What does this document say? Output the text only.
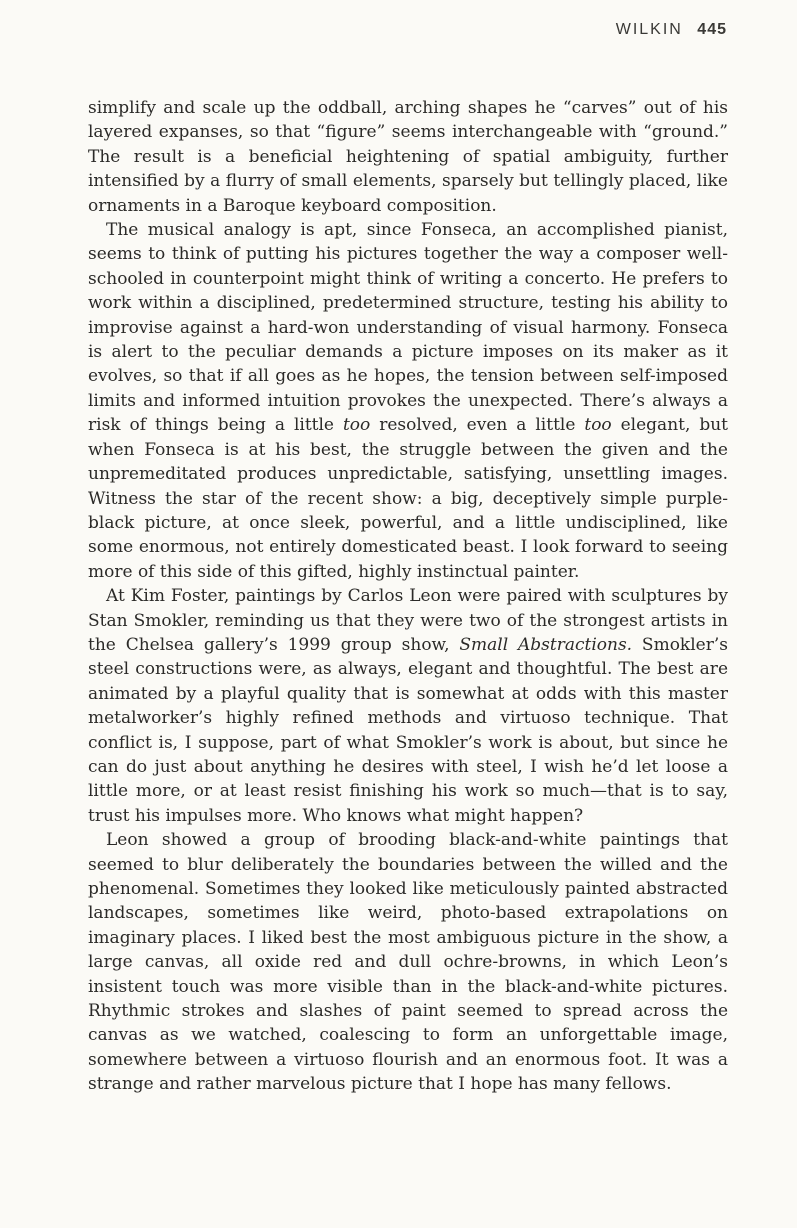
WILKIN 445

simplify and scale up the oddball, arching shapes he “carves” out of his layered expanses, so that “figure” seems interchangeable with “ground.” The result is a beneficial heightening of spatial ambiguity, further intensified by a flurry of small elements, sparsely but tellingly placed, like ornaments in a Baroque keyboard composition.

The musical analogy is apt, since Fonseca, an accomplished pianist, seems to think of putting his pictures together the way a composer well-schooled in counterpoint might think of writing a concerto. He prefers to work within a disciplined, predetermined structure, testing his ability to improvise against a hard-won understanding of visual harmony. Fonseca is alert to the peculiar demands a picture imposes on its maker as it evolves, so that if all goes as he hopes, the tension between self-imposed limits and informed intuition provokes the unexpected. There’s always a risk of things being a little too resolved, even a little too elegant, but when Fonseca is at his best, the struggle between the given and the unpremeditated produces unpredictable, satisfying, unsettling images. Witness the star of the recent show: a big, deceptively simple purple-black picture, at once sleek, powerful, and a little undisciplined, like some enormous, not entirely domesticated beast. I look forward to seeing more of this side of this gifted, highly instinctual painter.

At Kim Foster, paintings by Carlos Leon were paired with sculptures by Stan Smokler, reminding us that they were two of the strongest artists in the Chelsea gallery’s 1999 group show, Small Abstractions. Smokler’s steel constructions were, as always, elegant and thoughtful. The best are animated by a playful quality that is somewhat at odds with this master metalworker’s highly refined methods and virtuoso technique. That conflict is, I suppose, part of what Smokler’s work is about, but since he can do just about anything he desires with steel, I wish he’d let loose a little more, or at least resist finishing his work so much—that is to say, trust his impulses more. Who knows what might happen?

Leon showed a group of brooding black-and-white paintings that seemed to blur deliberately the boundaries between the willed and the phenomenal. Sometimes they looked like meticulously painted abstracted landscapes, sometimes like weird, photo-based extrapolations on imaginary places. I liked best the most ambiguous picture in the show, a large canvas, all oxide red and dull ochre-browns, in which Leon’s insistent touch was more visible than in the black-and-white pictures. Rhythmic strokes and slashes of paint seemed to spread across the canvas as we watched, coalescing to form an unforgettable image, somewhere between a virtuoso flourish and an enormous foot. It was a strange and rather marvelous picture that I hope has many fellows.
